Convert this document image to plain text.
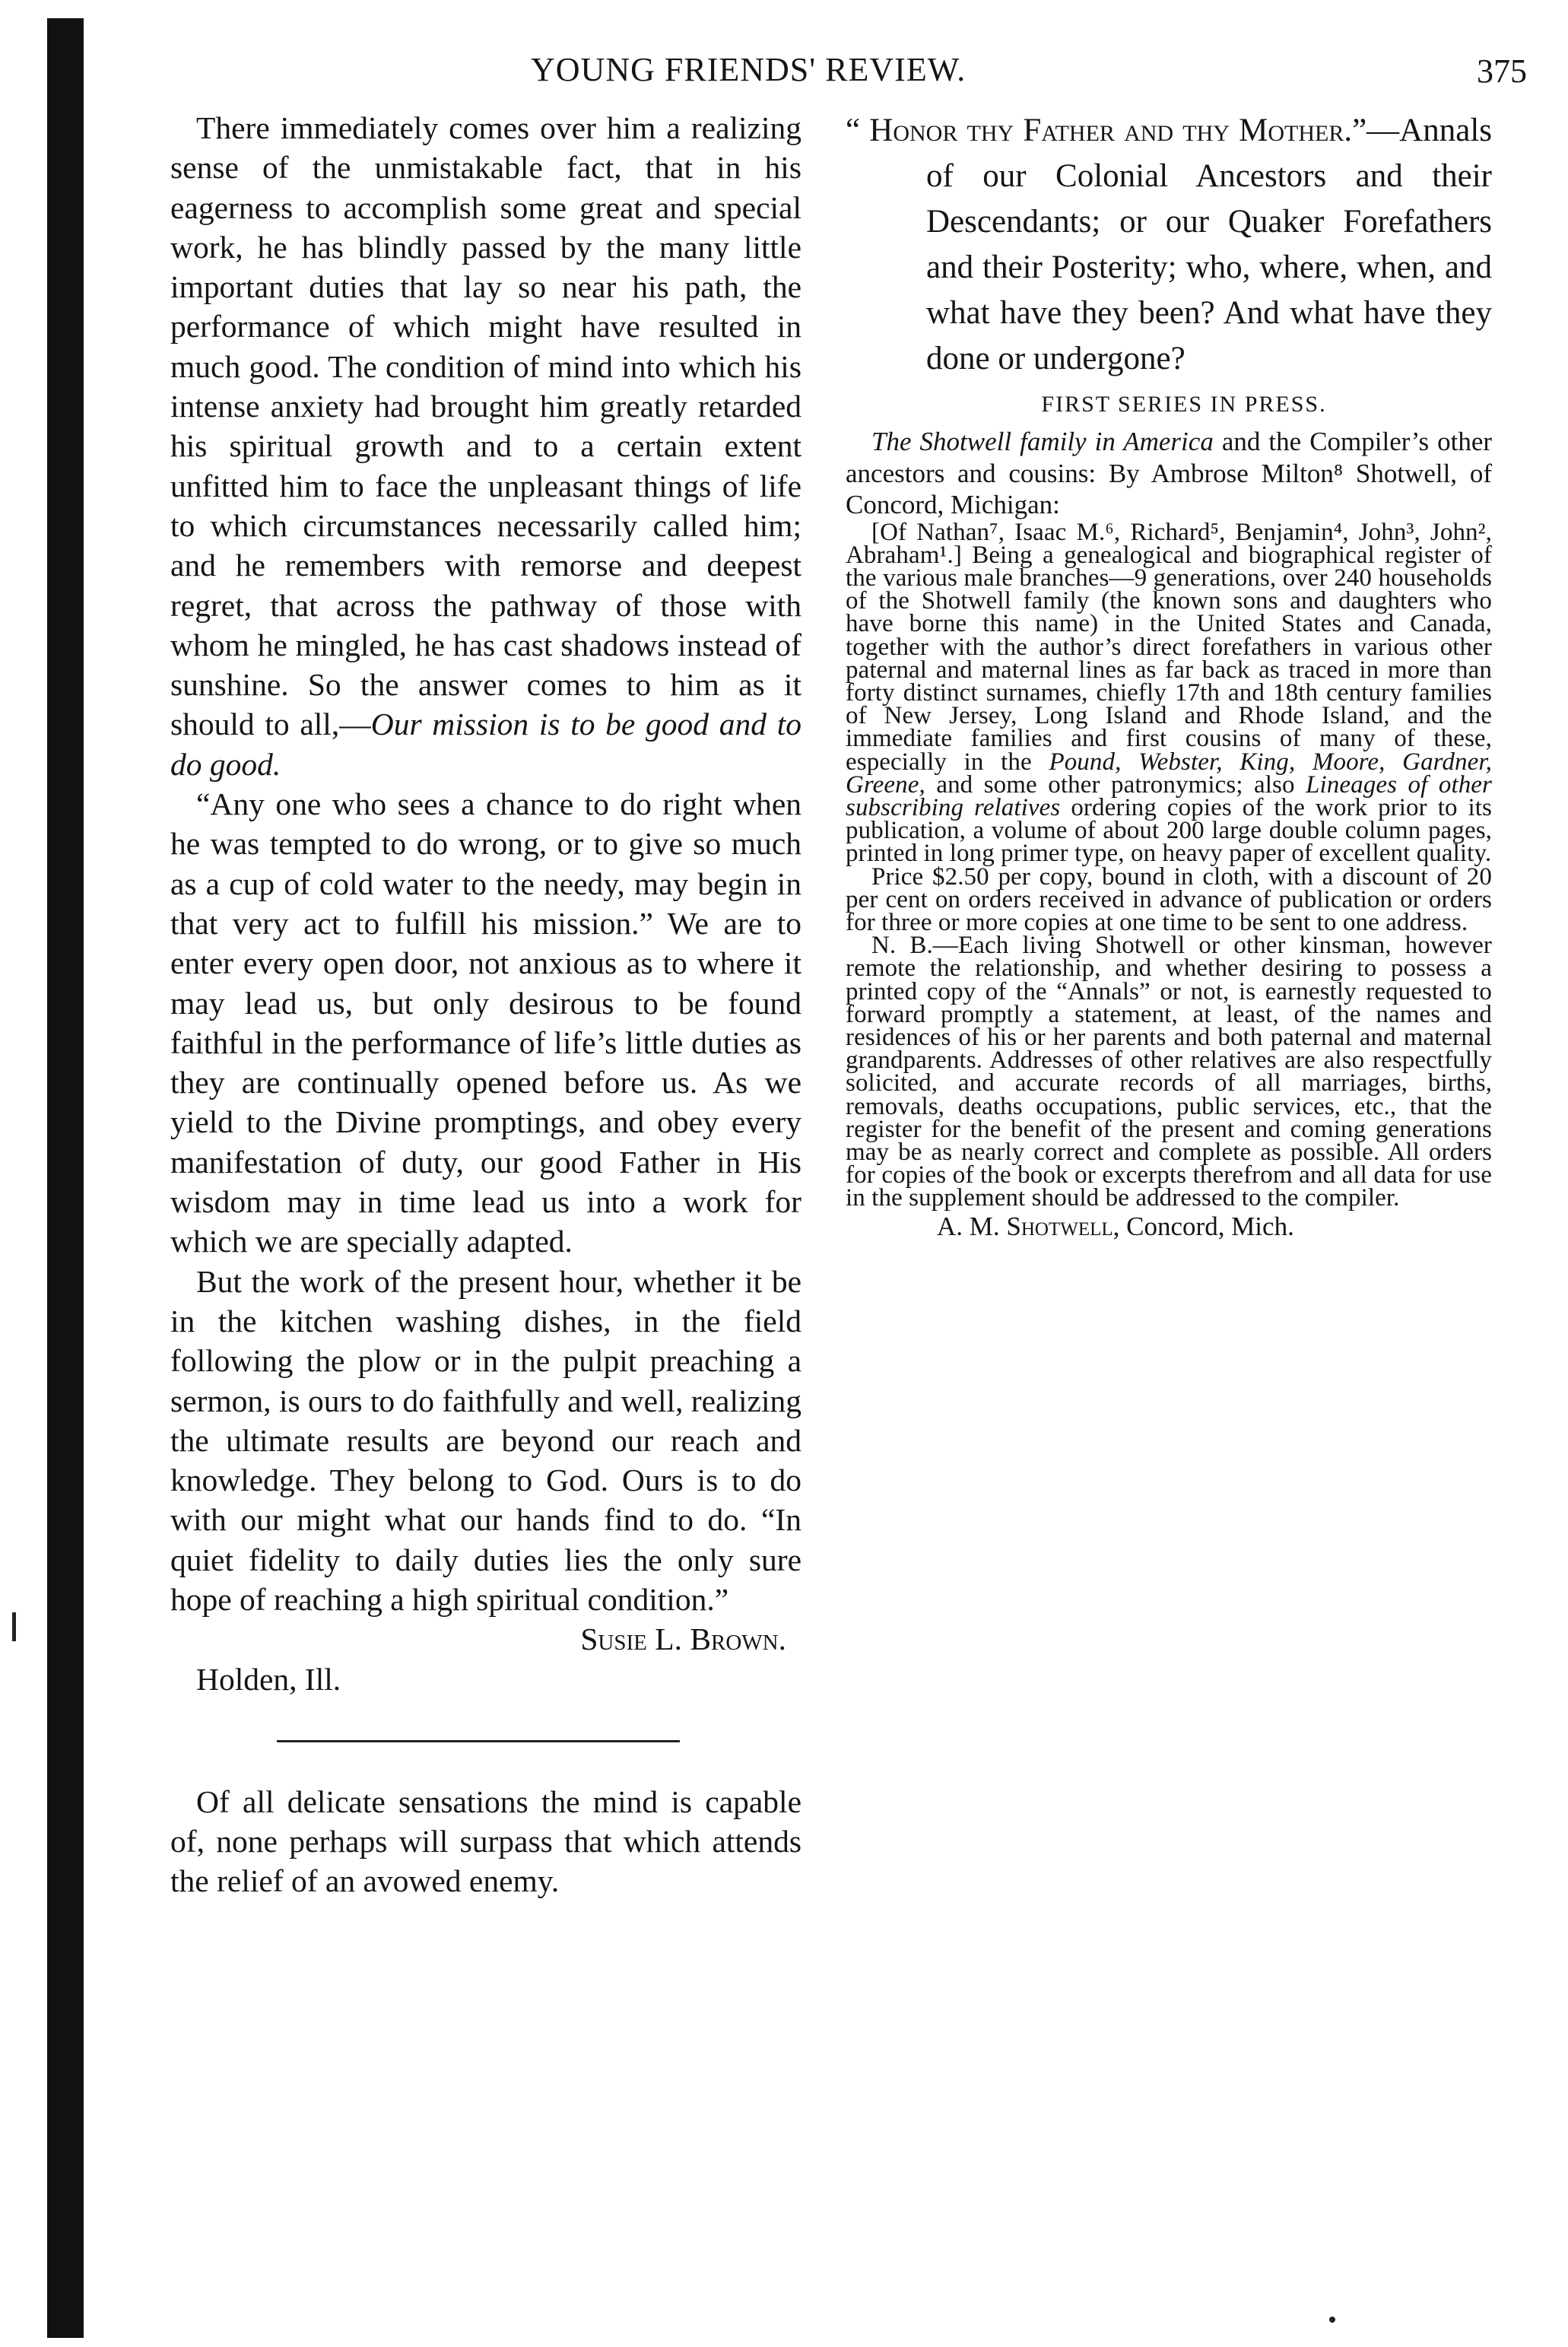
YOUNG FRIENDS' REVIEW.	375

There immediately comes over him a realizing sense of the unmistakable fact, that in his eagerness to accomplish some great and special work, he has blindly passed by the many little important duties that lay so near his path, the performance of which might have resulted in much good. The condition of mind into which his intense anxiety had brought him greatly retarded his spiritual growth and to a certain extent unfitted him to face the unpleasant things of life to which circumstances necessarily called him; and he remembers with remorse and deepest regret, that across the pathway of those with whom he mingled, he has cast shadows instead of sunshine. So the answer comes to him as it should to all,—Our mission is to be good and to do good.

“Any one who sees a chance to do right when he was tempted to do wrong, or to give so much as a cup of cold water to the needy, may begin in that very act to fulfill his mission.” We are to enter every open door, not anxious as to where it may lead us, but only desirous to be found faithful in the performance of life’s little duties as they are continually opened before us. As we yield to the Divine promptings, and obey every manifestation of duty, our good Father in His wisdom may in time lead us into a work for which we are specially adapted.

But the work of the present hour, whether it be in the kitchen washing dishes, in the field following the plow or in the pulpit preaching a sermon, is ours to do faithfully and well, realizing the ultimate results are beyond our reach and knowledge. They belong to God. Ours is to do with our might what our hands find to do. “In quiet fidelity to daily duties lies the only sure hope of reaching a high spiritual condition.”

Susie L. Brown.

Holden, Ill.

Of all delicate sensations the mind is capable of, none perhaps will surpass that which attends the relief of an avowed enemy.

“ Honor thy Father and thy Mother.”—Annals of our Colonial Ancestors and their Descendants; or our Quaker Forefathers and their Posterity; who, where, when, and what have they been? And what have they done or undergone?

FIRST SERIES IN PRESS.

The Shotwell family in America and the Compiler’s other ancestors and cousins: By Ambrose Milton⁸ Shotwell, of Concord, Michigan:

[Of Nathan⁷, Isaac M.⁶, Richard⁵, Benjamin⁴, John³, John², Abraham¹.] Being a genealogical and biographical register of the various male branches—9 generations, over 240 households of the Shotwell family (the known sons and daughters who have borne this name) in the United States and Canada, together with the author’s direct forefathers in various other paternal and maternal lines as far back as traced in more than forty distinct surnames, chiefly 17th and 18th century families of New Jersey, Long Island and Rhode Island, and the immediate families and first cousins of many of these, especially in the Pound, Webster, King, Moore, Gardner, Greene, and some other patronymics; also Lineages of other subscribing relatives ordering copies of the work prior to its publication, a volume of about 200 large double column pages, printed in long primer type, on heavy paper of excellent quality.

Price $2.50 per copy, bound in cloth, with a discount of 20 per cent on orders received in advance of publication or orders for three or more copies at one time to be sent to one address.

N. B.—Each living Shotwell or other kinsman, however remote the relationship, and whether desiring to possess a printed copy of the “Annals” or not, is earnestly requested to forward promptly a statement, at least, of the names and residences of his or her parents and both paternal and maternal grandparents. Addresses of other relatives are also respectfully solicited, and accurate records of all marriages, births, removals, deaths occupations, public services, etc., that the register for the benefit of the present and coming generations may be as nearly correct and complete as possible. All orders for copies of the book or excerpts therefrom and all data for use in the supplement should be addressed to the compiler.

A. M. Shotwell, Concord, Mich.
